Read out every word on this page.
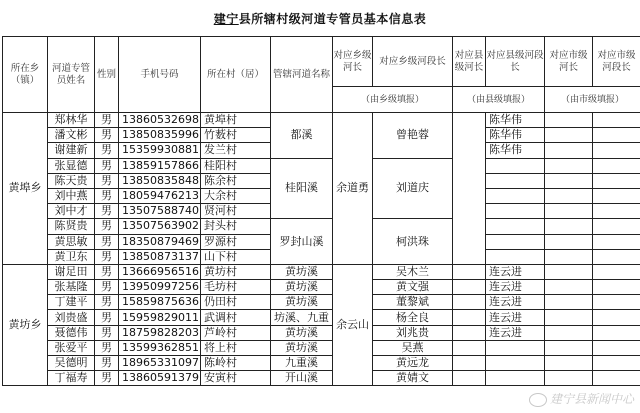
建宁县所辖村级河道专管员基本信息表
所在乡（镇）	河道专管员姓名	性别	手机号码	所在村（居）	管辖河道名称	对应乡级河长	对应乡级河段长	对应县级河长	对应县级河段长	对应市级河长	对应市级河段长
						（由乡级填报）		（由县级填报）		（由市级填报）	
黄埠乡	郑林华	男	13860532698	黄埠村	都溪	余道勇	曾艳蓉		陈华伟		
	潘文彬	男	13850835996	竹薮村					陈华伟		
	谢建新	男	15359930881	发兰村					陈华伟		
	张显德	男	13859157866	桂阳村	桂阳溪		刘道庆				
	陈天贵	男	13850835848	陈余村							
	刘中燕	男	18059476213	大余村							
	刘中才	男	13507588740	贤河村							
	陈贤贵	男	13507563902	封头村	罗封山溪		柯洪珠				
	黄思敏	男	18350879469	罗源村							
	黄卫东	男	13850873137	山下村							
黄坊乡	谢足田	男	13666956516	黄坊村	黄坊溪	余云山	吴木兰		连云进		
	张基隆	男	13950997256	毛坊村	黄坊溪		黄文强		连云进		
	丁建平	男	15859875636	仍田村	黄坊溪		董黎斌		连云进		
	刘贵盛	男	15959829011	武调村	坊溪、九重		杨全良		连云进		
	聂德伟	男	18759828203	芦岭村	黄坊溪		刘兆贵		连云进		
	张爱平	男	13599362851	将上村	黄坊溪		吴燕				
	吴德明	男	18965331097	陈岭村	九重溪		黄远龙				
	丁福寿	男	13860591379	安寅村	开山溪		黄婧文				
建宁县新闻中心
